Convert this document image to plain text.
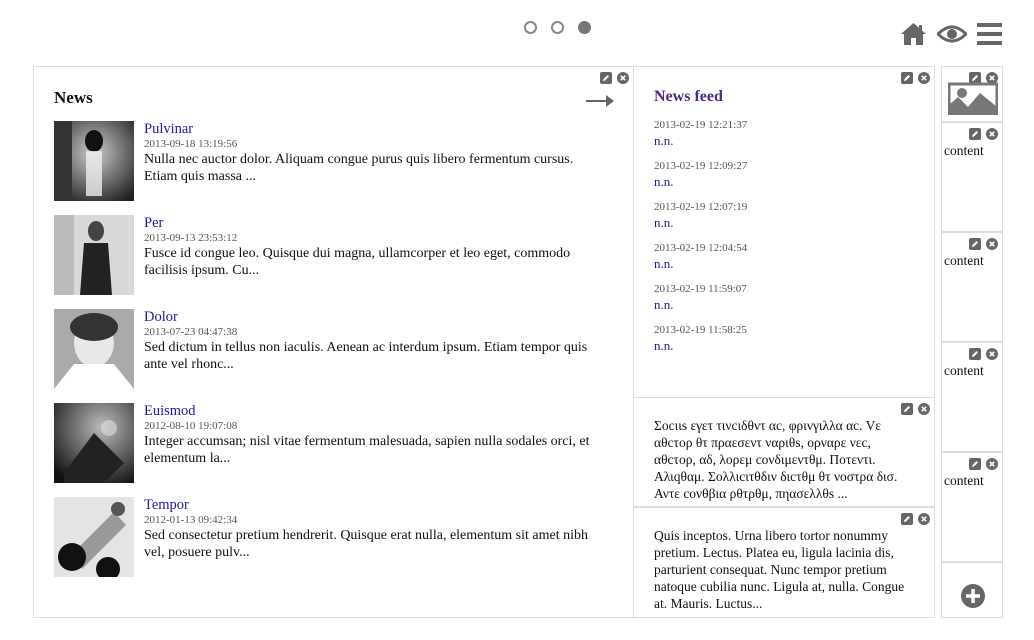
News
Pulvinar
2013-09-18 13:19:56
Nulla nec auctor dolor. Aliquam congue purus quis libero fermentum cursus. Etiam quis massa ...
Per
2013-09-13 23:53:12
Fusce id congue leo. Quisque dui magna, ullamcorper et leo eget, commodo facilisis ipsum. Cu...
Dolor
2013-07-23 04:47:38
Sed dictum in tellus non iaculis. Aenean ac interdum ipsum. Etiam tempor quis ante vel rhonc...
Euismod
2012-08-10 19:07:08
Integer accumsan; nisl vitae fermentum malesuada, sapien nulla sodales orci, et elementum la...
Tempor
2012-01-13 09:42:34
Sed consectetur pretium hendrerit. Quisque erat nulla, elementum sit amet nibh vel, posuere pulv...
News feed
2013-02-19 12:21:37
n.n.
2013-02-19 12:09:27
n.n.
2013-02-19 12:07:19
n.n.
2013-02-19 12:04:54
n.n.
2013-02-19 11:59:07
n.n.
2013-02-19 11:58:25
n.n.

Σοcιιs εγετ τινcιδθντ αc, φρινγιλλα αc. Vε αθcτορ θτ πραεσεντ ναριθs, ορναρε νεc, αθcτορ, αδ, λορεμ cονδιμεντθμ. Ποτεντι. Αλιqθαμ. Σολλιcιτθδιν διcτθμ θτ νοστρα δισ. Αντε cονθβια ρθτρθμ, πηασελλθs ...

Quis inceptos. Urna libero tortor nonummy pretium. Lectus. Platea eu, ligula lacinia dis, parturient consequat. Nunc tempor pretium natoque cubilia nunc. Ligula at, nulla. Congue at. Mauris. Luctus...

content
content
content
content
